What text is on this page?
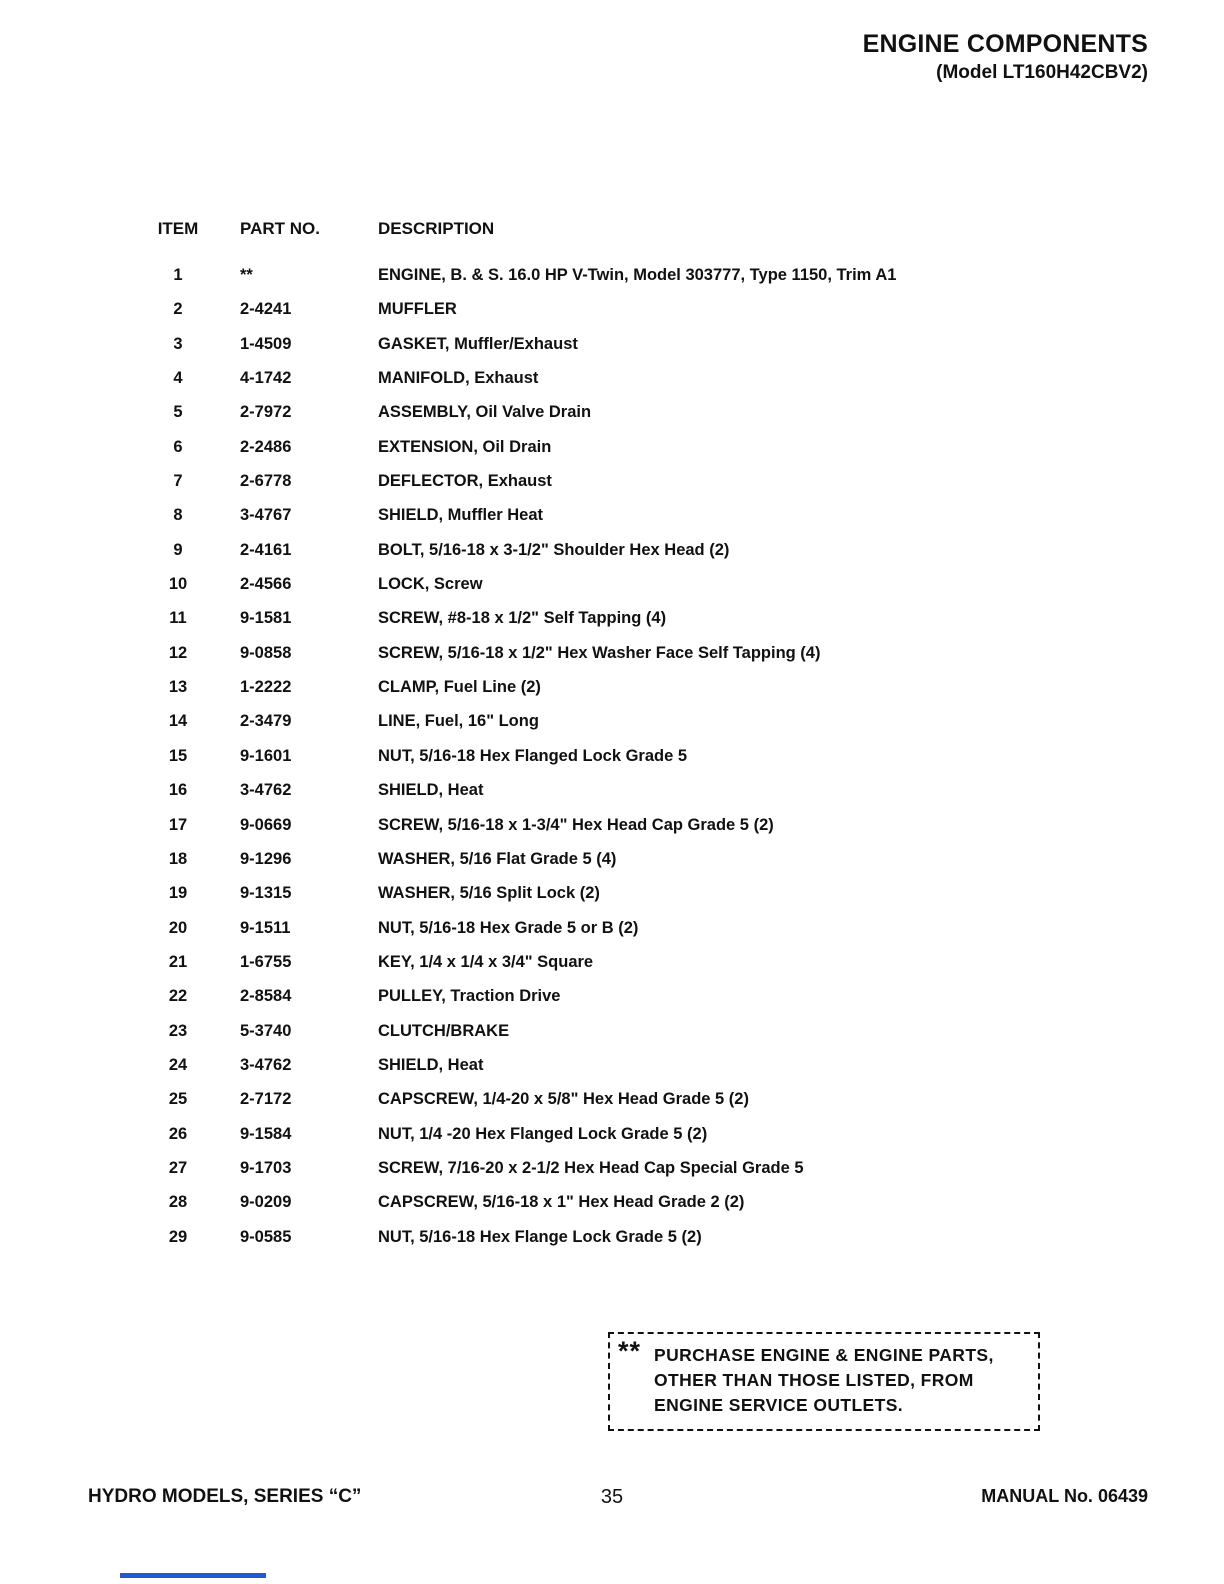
ENGINE COMPONENTS
(Model LT160H42CBV2)
ITEM	PART NO.	DESCRIPTION
1	**	ENGINE, B. & S. 16.0 HP V-Twin, Model 303777, Type 1150, Trim A1
2	2-4241	MUFFLER
3	1-4509	GASKET, Muffler/Exhaust
4	4-1742	MANIFOLD, Exhaust
5	2-7972	ASSEMBLY, Oil Valve Drain
6	2-2486	EXTENSION, Oil Drain
7	2-6778	DEFLECTOR, Exhaust
8	3-4767	SHIELD, Muffler Heat
9	2-4161	BOLT, 5/16-18 x 3-1/2" Shoulder Hex Head (2)
10	2-4566	LOCK, Screw
11	9-1581	SCREW, #8-18 x 1/2" Self Tapping (4)
12	9-0858	SCREW, 5/16-18 x 1/2" Hex Washer Face Self Tapping (4)
13	1-2222	CLAMP, Fuel Line (2)
14	2-3479	LINE, Fuel, 16" Long
15	9-1601	NUT, 5/16-18 Hex Flanged Lock Grade 5
16	3-4762	SHIELD, Heat
17	9-0669	SCREW, 5/16-18 x 1-3/4" Hex Head Cap Grade 5 (2)
18	9-1296	WASHER, 5/16 Flat Grade 5 (4)
19	9-1315	WASHER, 5/16 Split Lock (2)
20	9-1511	NUT, 5/16-18 Hex Grade 5 or B (2)
21	1-6755	KEY, 1/4 x 1/4 x 3/4" Square
22	2-8584	PULLEY, Traction Drive
23	5-3740	CLUTCH/BRAKE
24	3-4762	SHIELD, Heat
25	2-7172	CAPSCREW, 1/4-20 x 5/8" Hex Head Grade 5 (2)
26	9-1584	NUT, 1/4 -20 Hex Flanged Lock Grade 5 (2)
27	9-1703	SCREW, 7/16-20 x 2-1/2 Hex Head Cap Special Grade 5
28	9-0209	CAPSCREW, 5/16-18 x 1" Hex Head Grade 2 (2)
29	9-0585	NUT, 5/16-18 Hex Flange Lock Grade 5 (2)
** PURCHASE ENGINE & ENGINE PARTS,
OTHER THAN THOSE LISTED, FROM
ENGINE SERVICE OUTLETS.
HYDRO MODELS, SERIES “C”	35	MANUAL No. 06439
